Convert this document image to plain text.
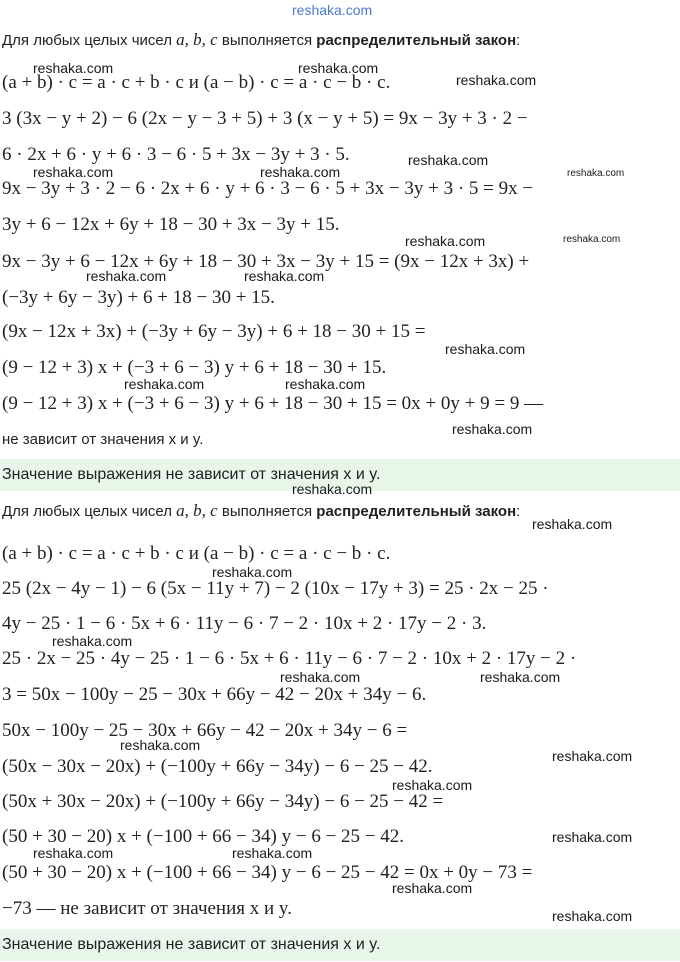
reshaka.com
Для любых целых чисел a, b, c выполняется распределительный закон:
(a + b) · c = a · c + b · c и (a − b) · c = a · c − b · c.
3 (3x − y + 2) − 6 (2x − y − 3 + 5) + 3 (x − y + 5) = 9x − 3y + 3 · 2 −
6 · 2x + 6 · y + 6 · 3 − 6 · 5 + 3x − 3y + 3 · 5.
9x − 3y + 3 · 2 − 6 · 2x + 6 · y + 6 · 3 − 6 · 5 + 3x − 3y + 3 · 5 = 9x −
3y + 6 − 12x + 6y + 18 − 30 + 3x − 3y + 15.
9x − 3y + 6 − 12x + 6y + 18 − 30 + 3x − 3y + 15 = (9x − 12x + 3x) +
(−3y + 6y − 3y) + 6 + 18 − 30 + 15.
(9x − 12x + 3x) + (−3y + 6y − 3y) + 6 + 18 − 30 + 15 =
(9 − 12 + 3) x + (−3 + 6 − 3) y + 6 + 18 − 30 + 15.
(9 − 12 + 3) x + (−3 + 6 − 3) y + 6 + 18 − 30 + 15 = 0x + 0y + 9 = 9 —
не зависит от значения x и y.
Значение выражения не зависит от значения x и y.
Для любых целых чисел a, b, c выполняется распределительный закон:
(a + b) · c = a · c + b · c и (a − b) · c = a · c − b · c.
25 (2x − 4y − 1) − 6 (5x − 11y + 7) − 2 (10x − 17y + 3) = 25 · 2x − 25 ·
4y − 25 · 1 − 6 · 5x + 6 · 11y − 6 · 7 − 2 · 10x + 2 · 17y − 2 · 3.
25 · 2x − 25 · 4y − 25 · 1 − 6 · 5x + 6 · 11y − 6 · 7 − 2 · 10x + 2 · 17y − 2 ·
3 = 50x − 100y − 25 − 30x + 66y − 42 − 20x + 34y − 6.
50x − 100y − 25 − 30x + 66y − 42 − 20x + 34y − 6 =
(50x − 30x − 20x) + (−100y + 66y − 34y) − 6 − 25 − 42.
(50x + 30x − 20x) + (−100y + 66y − 34y) − 6 − 25 − 42 =
(50 + 30 − 20) x + (−100 + 66 − 34) y − 6 − 25 − 42.
(50 + 30 − 20) x + (−100 + 66 − 34) y − 6 − 25 − 42 = 0x + 0y − 73 =
−73 — не зависит от значения x и y.
Значение выражения не зависит от значения x и y.
reshaka.com	reshaka.com
reshaka.com
reshaka.com
reshaka.com	reshaka.com	reshaka.com
reshaka.com	reshaka.com
reshaka.com	reshaka.com
reshaka.com
reshaka.com	reshaka.com
reshaka.com
reshaka.com
reshaka.com
reshaka.com
reshaka.com
reshaka.com	reshaka.com
reshaka.com
reshaka.com
reshaka.com
reshaka.com
reshaka.com	reshaka.com
reshaka.com
reshaka.com
